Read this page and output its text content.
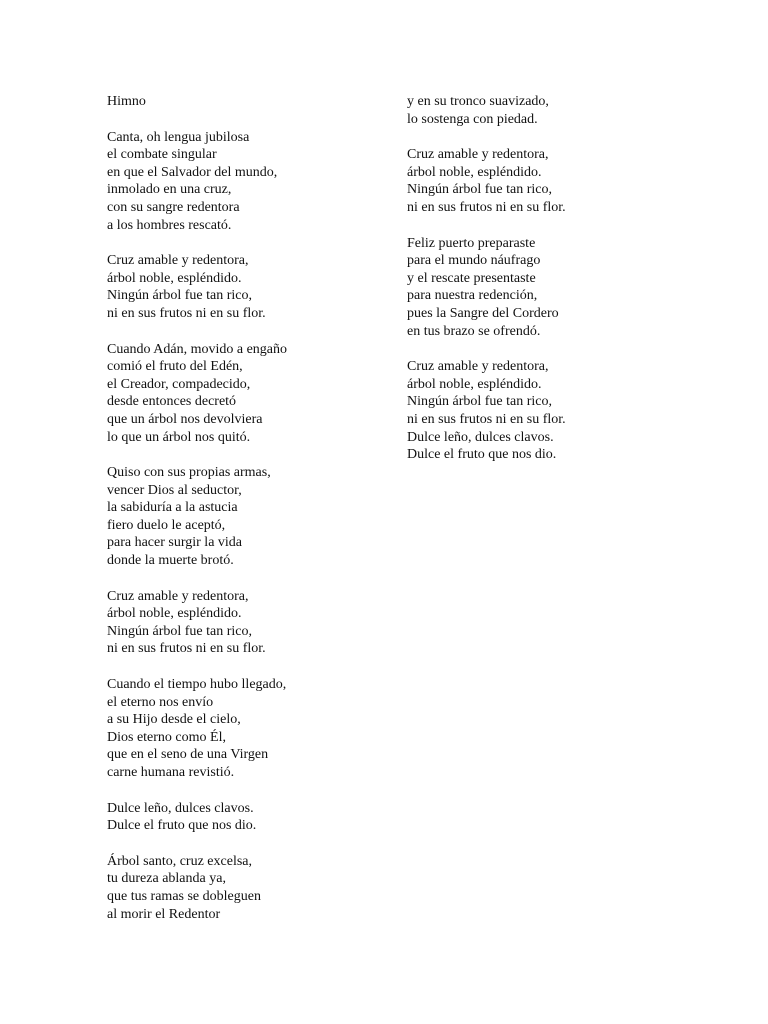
Himno
Canta, oh lengua jubilosa
el combate singular
en que el Salvador del mundo,
inmolado en una cruz,
con su sangre redentora
a los hombres rescató.
Cruz amable y redentora,
árbol noble, espléndido.
Ningún árbol fue tan rico,
ni en sus frutos ni en su flor.
Cuando Adán, movido a engaño
comió el fruto del Edén,
el Creador, compadecido,
desde entonces decretó
que un árbol nos devolviera
lo que un árbol nos quitó.
Quiso con sus propias armas,
vencer Dios al seductor,
la sabiduría a la astucia
fiero duelo le aceptó,
para hacer surgir la vida
donde la muerte brotó.
Cruz amable y redentora,
árbol noble, espléndido.
Ningún árbol fue tan rico,
ni en sus frutos ni en su flor.
Cuando el tiempo hubo llegado,
el eterno nos envío
a su Hijo desde el cielo,
Dios eterno como Él,
que en el seno de una Virgen
carne humana revistió.
Dulce leño, dulces clavos.
Dulce el fruto que nos dio.
Árbol santo, cruz excelsa,
tu dureza ablanda ya,
que tus ramas se dobleguen
al morir el Redentor
y en su tronco suavizado,
lo sostenga con piedad.
Cruz amable y redentora,
árbol noble, espléndido.
Ningún árbol fue tan rico,
ni en sus frutos ni en su flor.
Feliz puerto preparaste
para el mundo náufrago
y el rescate presentaste
para nuestra redención,
pues la Sangre del Cordero
en tus brazo se ofrendó.
Cruz amable y redentora,
árbol noble, espléndido.
Ningún árbol fue tan rico,
ni en sus frutos ni en su flor.
Dulce leño, dulces clavos.
Dulce el fruto que nos dio.
